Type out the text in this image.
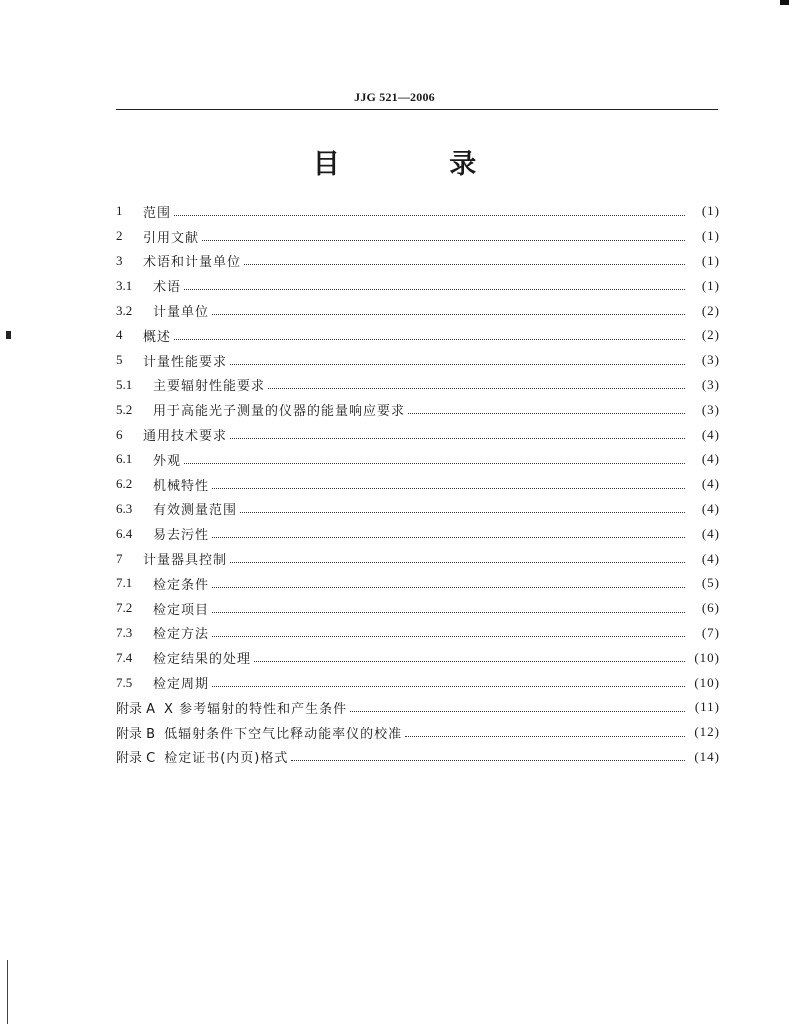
JJG 521—2006
目 录
1	范围	(1)
2	引用文献	(1)
3	术语和计量单位	(1)
3.1	术语	(1)
3.2	计量单位	(2)
4	概述	(2)
5	计量性能要求	(3)
5.1	主要辐射性能要求	(3)
5.2	用于高能光子测量的仪器的能量响应要求	(3)
6	通用技术要求	(4)
6.1	外观	(4)
6.2	机械特性	(4)
6.3	有效测量范围	(4)
6.4	易去污性	(4)
7	计量器具控制	(4)
7.1	检定条件	(5)
7.2	检定项目	(6)
7.3	检定方法	(7)
7.4	检定结果的处理	(10)
7.5	检定周期	(10)
附录 A X 参考辐射的特性和产生条件	(11)
附录 B 低辐射条件下空气比释动能率仪的校准	(12)
附录 C 检定证书(内页)格式	(14)
